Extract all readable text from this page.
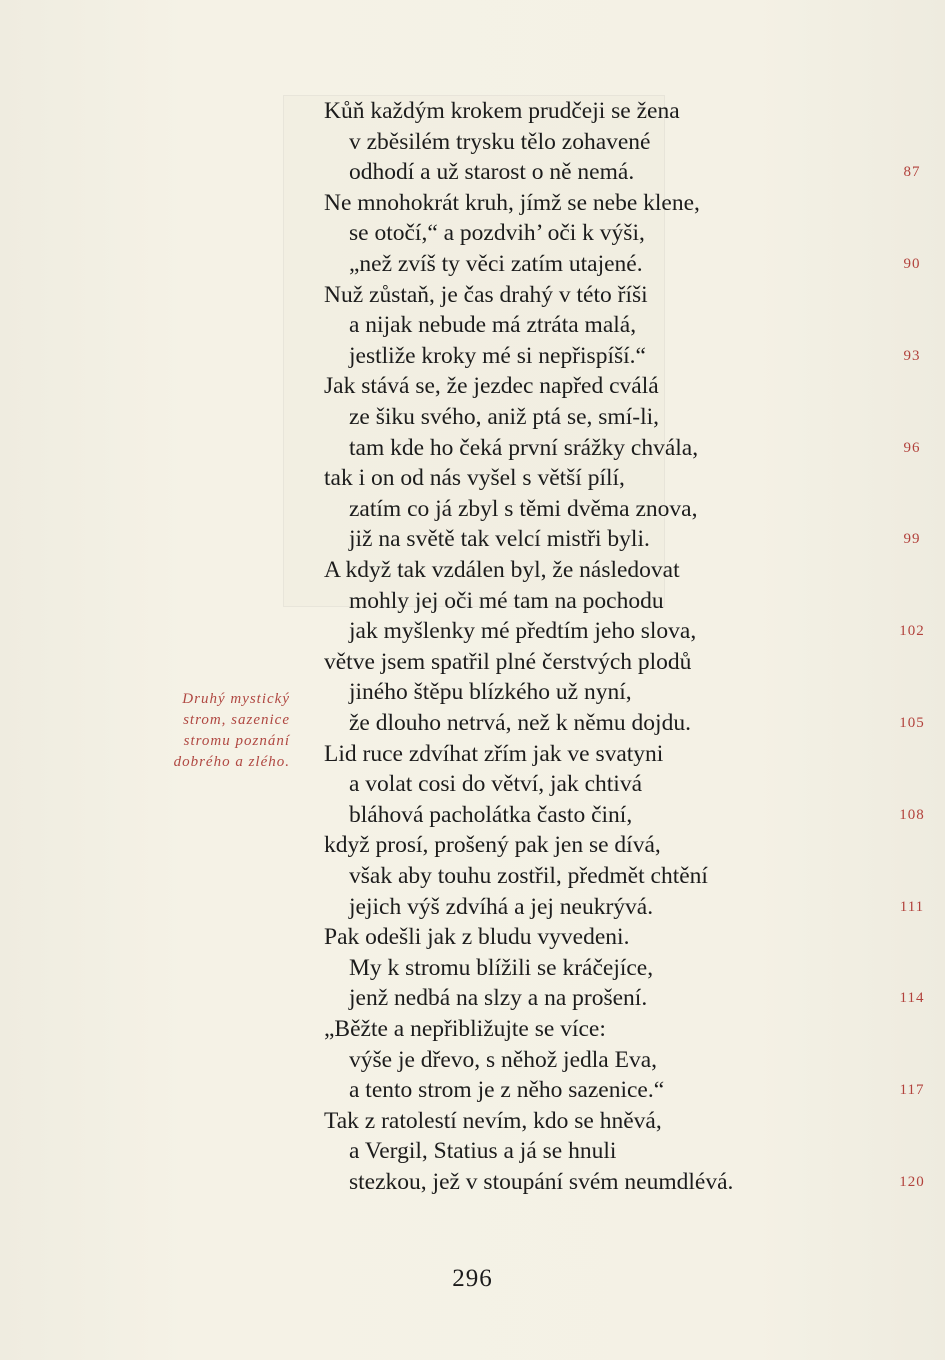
Kůň každým krokem prudčeji se žena
v zběsilém trysku tělo zohavené
odhodí a už starost o ně nemá.
Ne mnohokrát kruh, jímž se nebe klene,
se otočí,“ a pozdvih’ oči k výši,
„než zvíš ty věci zatím utajené.
Nuž zůstaň, je čas drahý v této říši
a nijak nebude má ztráta malá,
jestliže kroky mé si nepřispíší.“
Jak stává se, že jezdec napřed cválá
ze šiku svého, aniž ptá se, smí-li,
tam kde ho čeká první srážky chvála,
tak i on od nás vyšel s větší pílí,
zatím co já zbyl s těmi dvěma znova,
již na světě tak velcí mistři byli.
A když tak vzdálen byl, že následovat
mohly jej oči mé tam na pochodu
jak myšlenky mé předtím jeho slova,
větve jsem spatřil plné čerstvých plodů
jiného štěpu blízkého už nyní,
že dlouho netrvá, než k němu dojdu.
Lid ruce zdvíhat zřím jak ve svatyni
a volat cosi do větví, jak chtivá
bláhová pacholátka často činí,
když prosí, prošený pak jen se dívá,
však aby touhu zostřil, předmět chtění
jejich výš zdvíhá a jej neukrývá.
Pak odešli jak z bludu vyvedeni.
My k stromu blížili se kráčejíce,
jenž nedbá na slzy a na prošení.
„Běžte a nepřibližujte se více:
výše je dřevo, s něhož jedla Eva,
a tento strom je z něho sazenice.“
Tak z ratolestí nevím, kdo se hněvá,
a Vergil, Statius a já se hnuli
stezkou, jež v stoupání svém neumdlévá.
87
90
93
96
99
102
105
108
111
114
117
120
Druhý mystický
strom, sazenice
stromu poznání
dobrého a zlého.
296
